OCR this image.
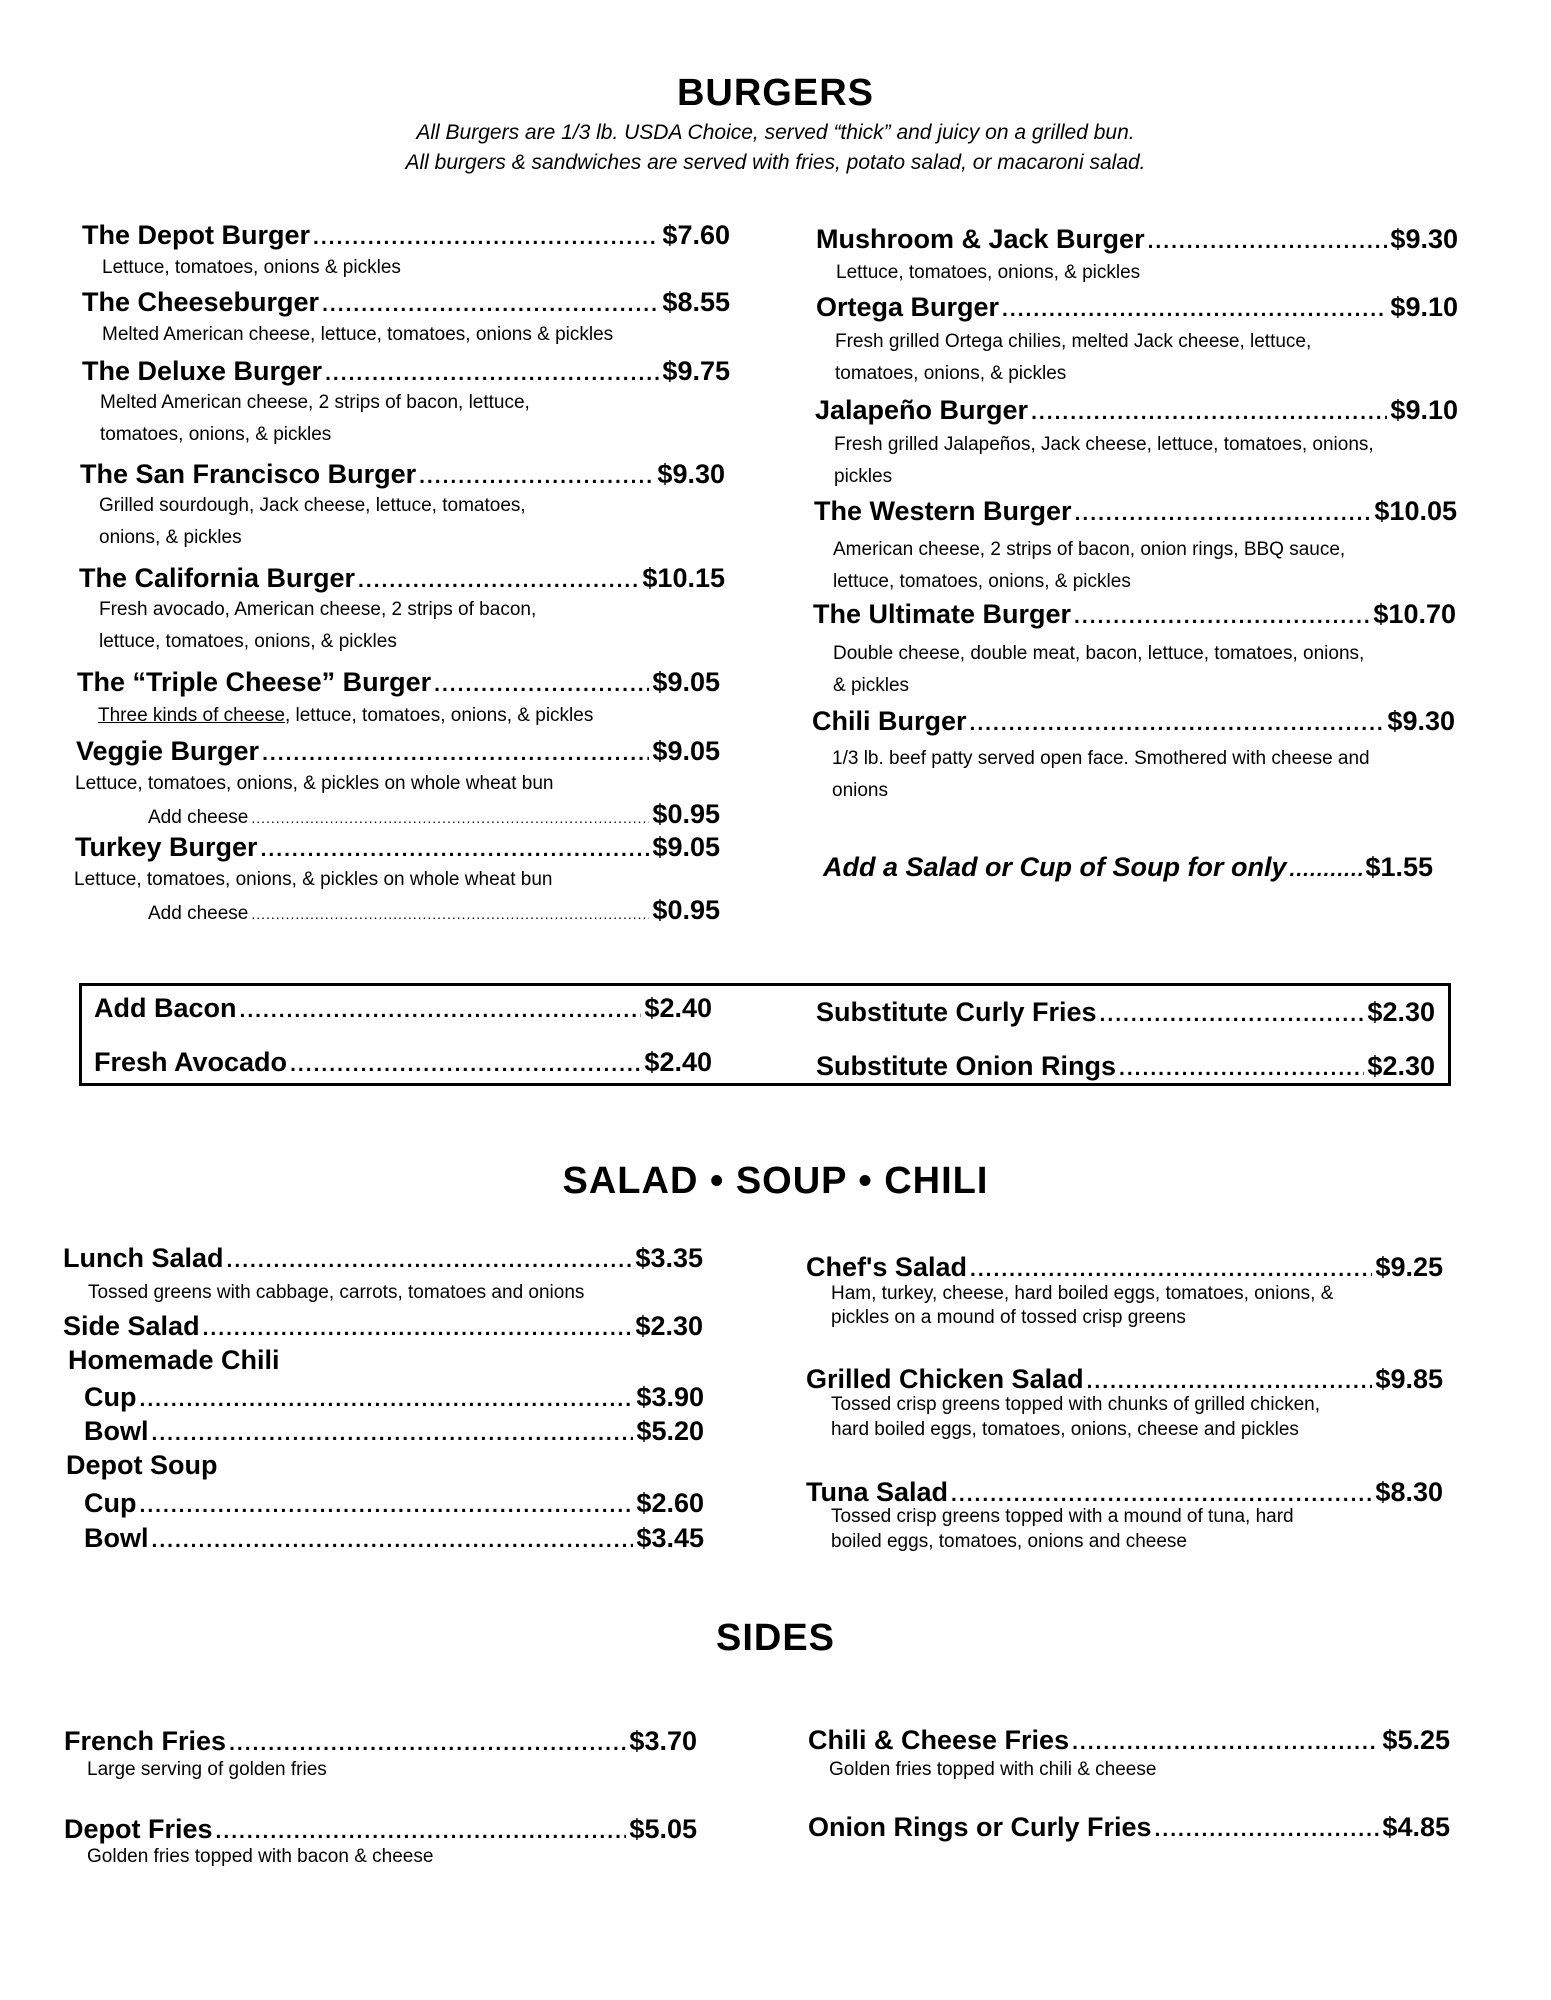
BURGERS
All Burgers are 1/3 lb. USDA Choice, served “thick” and juicy on a grilled bun.
All burgers & sandwiches are served with fries, potato salad, or macaroni salad.
The Depot Burger .....	$7.60
Lettuce, tomatoes, onions & pickles
The Cheeseburger .....	$8.55
Melted American cheese, lettuce, tomatoes, onions & pickles
The Deluxe Burger .....	$9.75
Melted American cheese, 2 strips of bacon, lettuce,
tomatoes, onions, & pickles
The San Francisco Burger .....	$9.30
Grilled sourdough, Jack cheese, lettuce, tomatoes,
onions, & pickles
The California Burger .....	$10.15
Fresh avocado, American cheese, 2 strips of bacon,
lettuce, tomatoes, onions, & pickles
The “Triple Cheese” Burger .....	$9.05
Three kinds of cheese, lettuce, tomatoes, onions, & pickles
Veggie Burger .....	$9.05
Lettuce, tomatoes, onions, & pickles on whole wheat bun
Add cheese .....	$0.95
Turkey Burger .....	$9.05
Lettuce, tomatoes, onions, & pickles on whole wheat bun
Add cheese .....	$0.95
Mushroom & Jack Burger .....	$9.30
Lettuce, tomatoes, onions, & pickles
Ortega Burger .....	$9.10
Fresh grilled Ortega chilies, melted Jack cheese, lettuce,
tomatoes, onions, & pickles
Jalapeño Burger .....	$9.10
Fresh grilled Jalapeños, Jack cheese, lettuce, tomatoes, onions,
pickles
The Western Burger .....	$10.05
American cheese, 2 strips of bacon, onion rings, BBQ sauce,
lettuce, tomatoes, onions, & pickles
The Ultimate Burger .....	$10.70
Double cheese, double meat, bacon, lettuce, tomatoes, onions,
& pickles
Chili Burger .....	$9.30
1/3 lb. beef patty served open face. Smothered with cheese and
onions
Add a Salad or Cup of Soup for only .....	$1.55
Add Bacon .....	$2.40
Fresh Avocado .....	$2.40
Substitute Curly Fries .....	$2.30
Substitute Onion Rings .....	$2.30
SALAD • SOUP • CHILI
Lunch Salad .....	$3.35
Tossed greens with cabbage, carrots, tomatoes and onions
Side Salad .....	$2.30
Homemade Chili
Cup .....	$3.90
Bowl .....	$5.20
Depot Soup
Cup .....	$2.60
Bowl .....	$3.45
Chef's Salad .....	$9.25
Ham, turkey, cheese, hard boiled eggs, tomatoes, onions, &
pickles on a mound of tossed crisp greens
Grilled Chicken Salad .....	$9.85
Tossed crisp greens topped with chunks of grilled chicken,
hard boiled eggs, tomatoes, onions, cheese and pickles
Tuna Salad .....	$8.30
Tossed crisp greens topped with a mound of tuna, hard
boiled eggs, tomatoes, onions and cheese
SIDES
French Fries .....	$3.70
Large serving of golden fries
Depot Fries .....	$5.05
Golden fries topped with bacon & cheese
Chili & Cheese Fries .....	$5.25
Golden fries topped with chili & cheese
Onion Rings or Curly Fries .....	$4.85
